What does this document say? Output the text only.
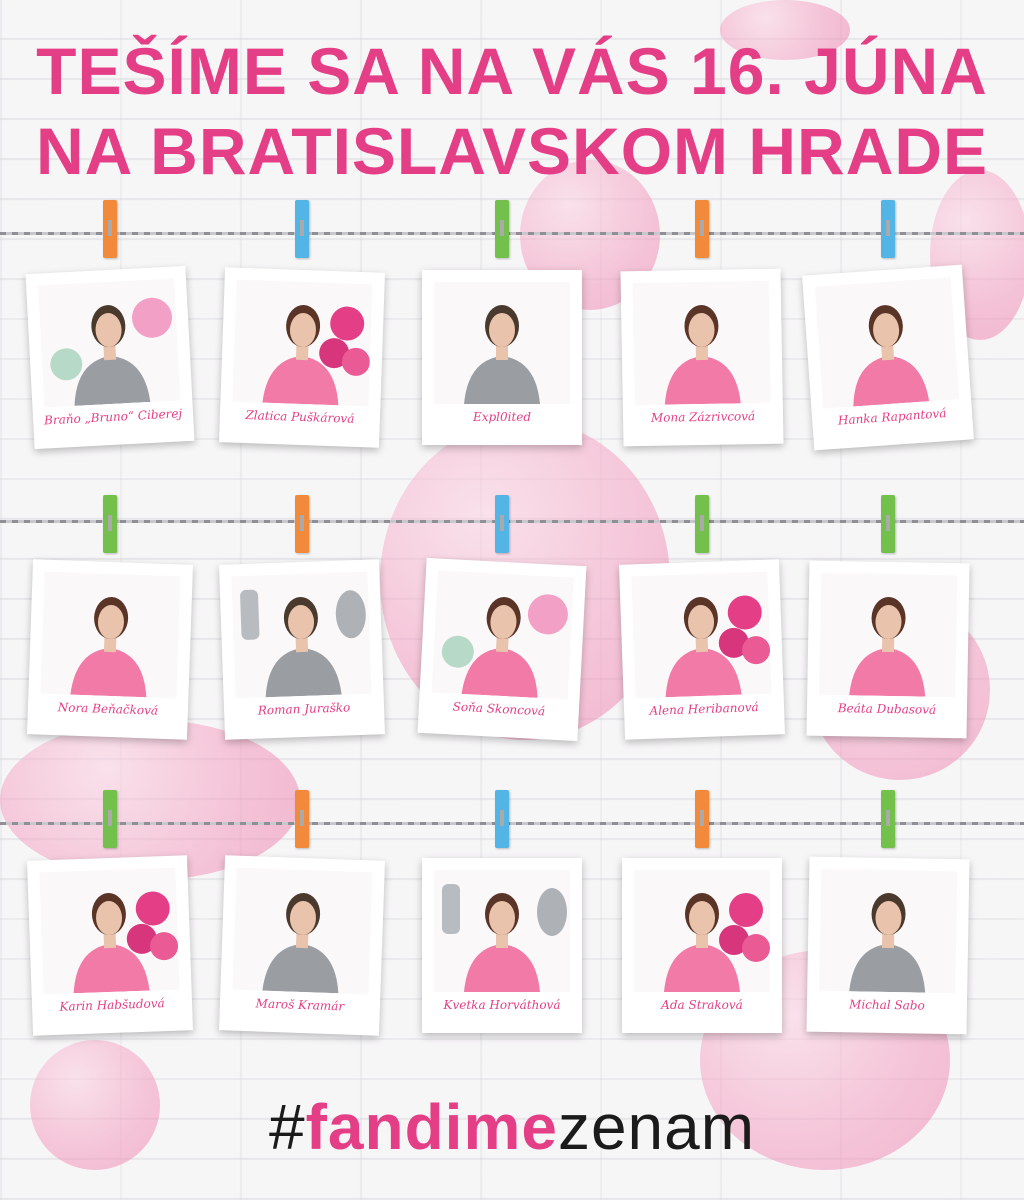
TEŠÍME SA NA VÁS 16. JÚNA
NA BRATISLAVSKOM HRADE
Braňo „Bruno“ Ciberej	Zlatica Puškárová	Expl0ited	Mona Zázrivcová	Hanka Rapantová
Nora Beňačková	Roman Juraško	Soňa Skoncová	Alena Heribanová	Beáta Dubasová
Karin Habšudová	Maroš Kramár	Kvetka Horváthová	Ada Straková	Michal Sabo
#fandimezenam
